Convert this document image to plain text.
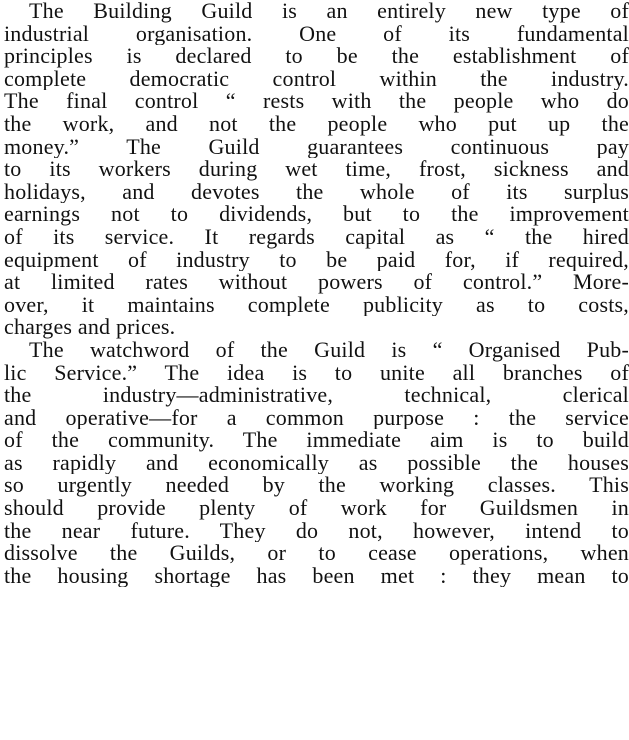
The Building Guild is an entirely new type of
industrial organisation. One of its fundamental
principles is declared to be the establishment of
complete democratic control within the industry.
The final control “ rests with the people who do
the work, and not the people who put up the
money.” The Guild guarantees continuous pay
to its workers during wet time, frost, sickness and
holidays, and devotes the whole of its surplus
earnings not to dividends, but to the improvement
of its service. It regards capital as “ the hired
equipment of industry to be paid for, if required,
at limited rates without powers of control.” More-
over, it maintains complete publicity as to costs,
charges and prices.
The watchword of the Guild is “ Organised Pub-
lic Service.” The idea is to unite all branches of
the industry—administrative, technical, clerical
and operative—for a common purpose : the service
of the community. The immediate aim is to build
as rapidly and economically as possible the houses
so urgently needed by the working classes. This
should provide plenty of work for Guildsmen in
the near future. They do not, however, intend to
dissolve the Guilds, or to cease operations, when
the housing shortage has been met : they mean to
